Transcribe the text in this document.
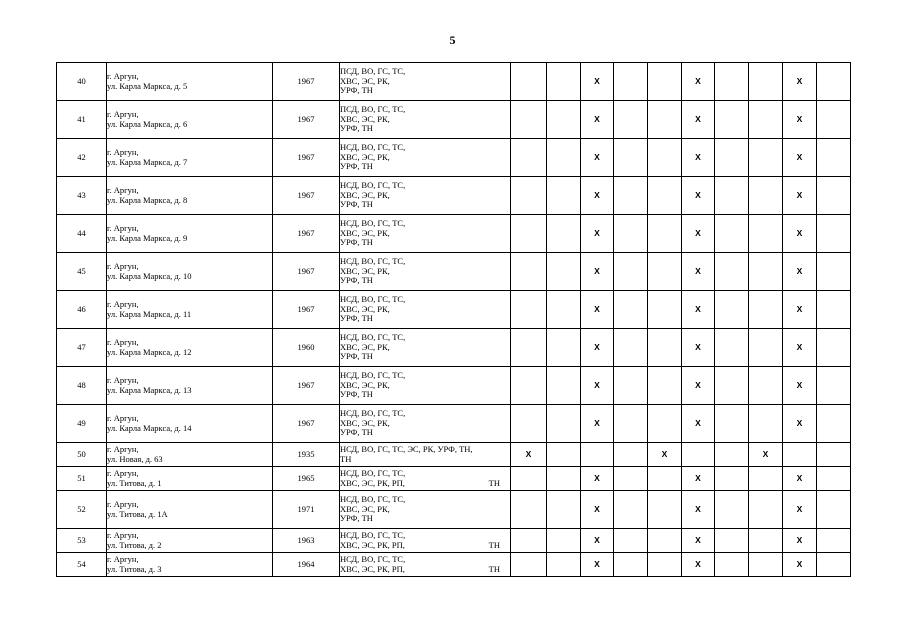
5
40	г. Аргун,
ул. Карла Маркса, д. 5	1967	ПСД, ВО, ГС, ТС,
ХВС, ЭС, РК,
УРФ, ТН			Х			Х			Х	
41	г. Аргун,
ул. Карла Маркса, д. 6	1967	ПСД, ВО, ГС, ТС,
ХВС, ЭС, РК,
УРФ, ТН			Х			Х			Х	
42	г. Аргун,
ул. Карла Маркса, д. 7	1967	НСД, ВО, ГС, ТС,
ХВС, ЭС, РК,
УРФ, ТН			Х			Х			Х	
43	г. Аргун,
ул. Карла Маркса, д. 8	1967	НСД, ВО, ГС, ТС,
ХВС, ЭС, РК,
УРФ, ТН			Х			Х			Х	
44	г. Аргун,
ул. Карла Маркса, д. 9	1967	НСД, ВО, ГС, ТС,
ХВС, ЭС, РК,
УРФ, ТН			Х			Х			Х	
45	г. Аргун,
ул. Карла Маркса, д. 10	1967	НСД, ВО, ГС, ТС,
ХВС, ЭС, РК,
УРФ, ТН			Х			Х			Х	
46	г. Аргун,
ул. Карла Маркса, д. 11	1967	НСД, ВО, ГС, ТС,
ХВС, ЭС, РК,
УРФ, ТН			Х			Х			Х	
47	г. Аргун,
ул. Карла Маркса, д. 12	1960	НСД, ВО, ГС, ТС,
ХВС, ЭС, РК,
УРФ, ТН			Х			Х			Х	
48	г. Аргун,
ул. Карла Маркса, д. 13	1967	НСД, ВО, ГС, ТС,
ХВС, ЭС, РК,
УРФ, ТН			Х			Х			Х	
49	г. Аргун,
ул. Карла Маркса, д. 14	1967	НСД, ВО, ГС, ТС,
ХВС, ЭС, РК,
УРФ, ТН			Х			Х			Х	
50	г. Аргун,
ул. Новая, д. 63	1935	НСД, ВО, ГС, ТС, ЭС, РК, УРФ, ТН,
ТН	Х				Х			Х		
51	г. Аргун,
ул. Титова, д. 1	1965	НСД, ВО, ГС, ТС,
ХВС, ЭС, РК, РП, ТН			Х			Х			Х	
52	г. Аргун,
ул. Титова, д. 1А	1971	НСД, ВО, ГС, ТС,
ХВС, ЭС, РК,
УРФ, ТН			Х			Х			Х	
53	г. Аргун,
ул. Титова, д. 2	1963	НСД, ВО, ГС, ТС,
ХВС, ЭС, РК, РП, ТН			Х			Х			Х	
54	г. Аргун,
ул. Титова, д. 3	1964	НСД, ВО, ГС, ТС,
ХВС, ЭС, РК, РП, ТН			Х			Х			Х	
